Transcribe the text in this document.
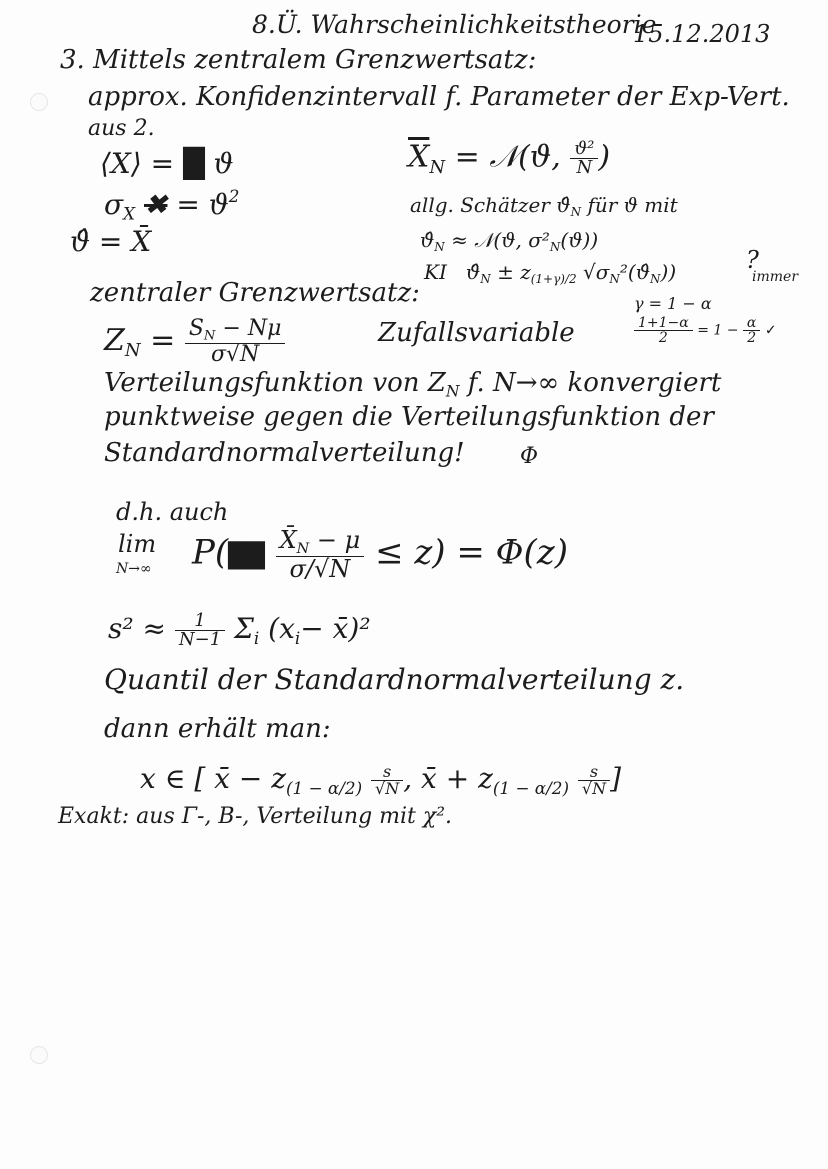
8.Ü. Wahrscheinlichkeitstheorie
15.12.2013
3. Mittels zentralem Grenzwertsatz:
approx. Konfidenzintervall f. Parameter der Exp-Vert.
aus 2.
⟨X⟩ = █ ϑ
$\sigma_X$ ✖ = $ϑ^2$
ϑ̂ = X̄
$\overline{X}_N$ = 𝒩(ϑ, $\frac{\text{ϑ²}}{N}$ )
allg. Schätzer $ϑ̂_N$ für ϑ mit
$ϑ̂_N$ ≈ 𝒩(ϑ, $\sigma^2_N(ϑ)$)
KI $ϑ̂_N \pm z_{(1+\gamma)/2}$ $√\sigma_N^2(ϑ̂_N)$)	?
immer
γ = 1 − α
$\frac{1+1-\alpha}{2} = 1 - \frac{\alpha}{2}$ ✓
zentraler Grenzwertsatz:
$Z_N = \frac{S_N - N\mu}{\sigma√N}$	Zufallsvariable
Verteilungsfunktion von $Z_N$ f. N→∞ konvergiert
punktweise gegen die Verteilungsfunktion der
Standardnormalverteilung!	Φ
d.h. auch
lim
N→∞ P(██ $\frac{X̄_N - \mu}{\sigma/√N} \le z) = \Phi(z)$
$s^2 \approx \frac{1}{N-1} \Sigma_i$ ($x_i-$ x̄)²
Quantil der Standardnormalverteilung z.
dann erhält man:
x ∈ [ x̄ − $z_{(1 - \alpha/2)} \frac{s}{√N}$ , x̄ + $z_{(1 - \alpha/2)} \frac{s}{√N}$ ]
Exakt: aus Γ-, B-, Verteilung mit χ².
